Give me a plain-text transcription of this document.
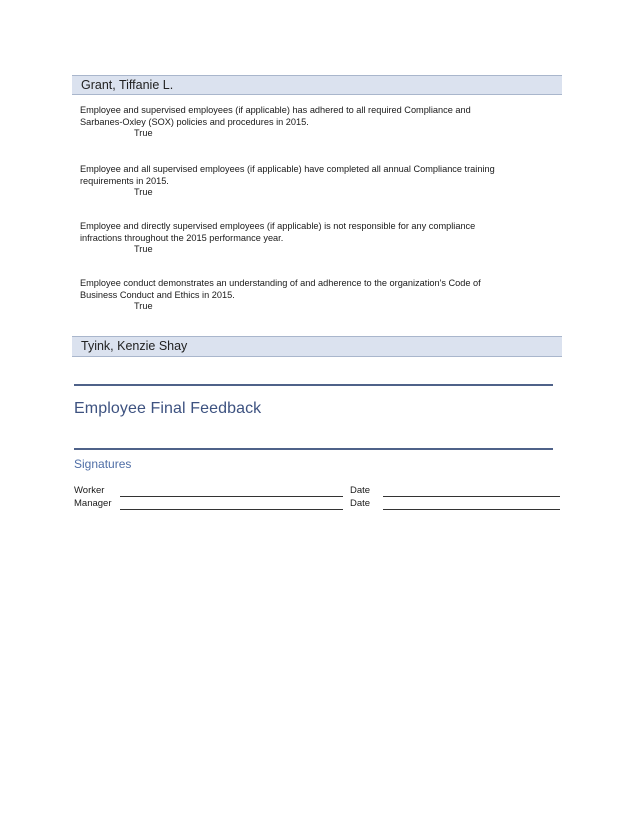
Grant, Tiffanie L.
Employee and supervised employees (if applicable) has adhered to all required Compliance and
Sarbanes-Oxley (SOX) policies and procedures in 2015.
True
Employee and all supervised employees (if applicable) have completed all annual Compliance training
requirements in 2015.
True
Employee and directly supervised employees (if applicable) is not responsible for any compliance
infractions throughout the 2015 performance year.
True
Employee conduct demonstrates an understanding of and adherence to the organization's Code of
Business Conduct and Ethics in 2015.
True
Tyink, Kenzie Shay
Employee Final Feedback
Signatures
Worker	Date
Manager	Date
